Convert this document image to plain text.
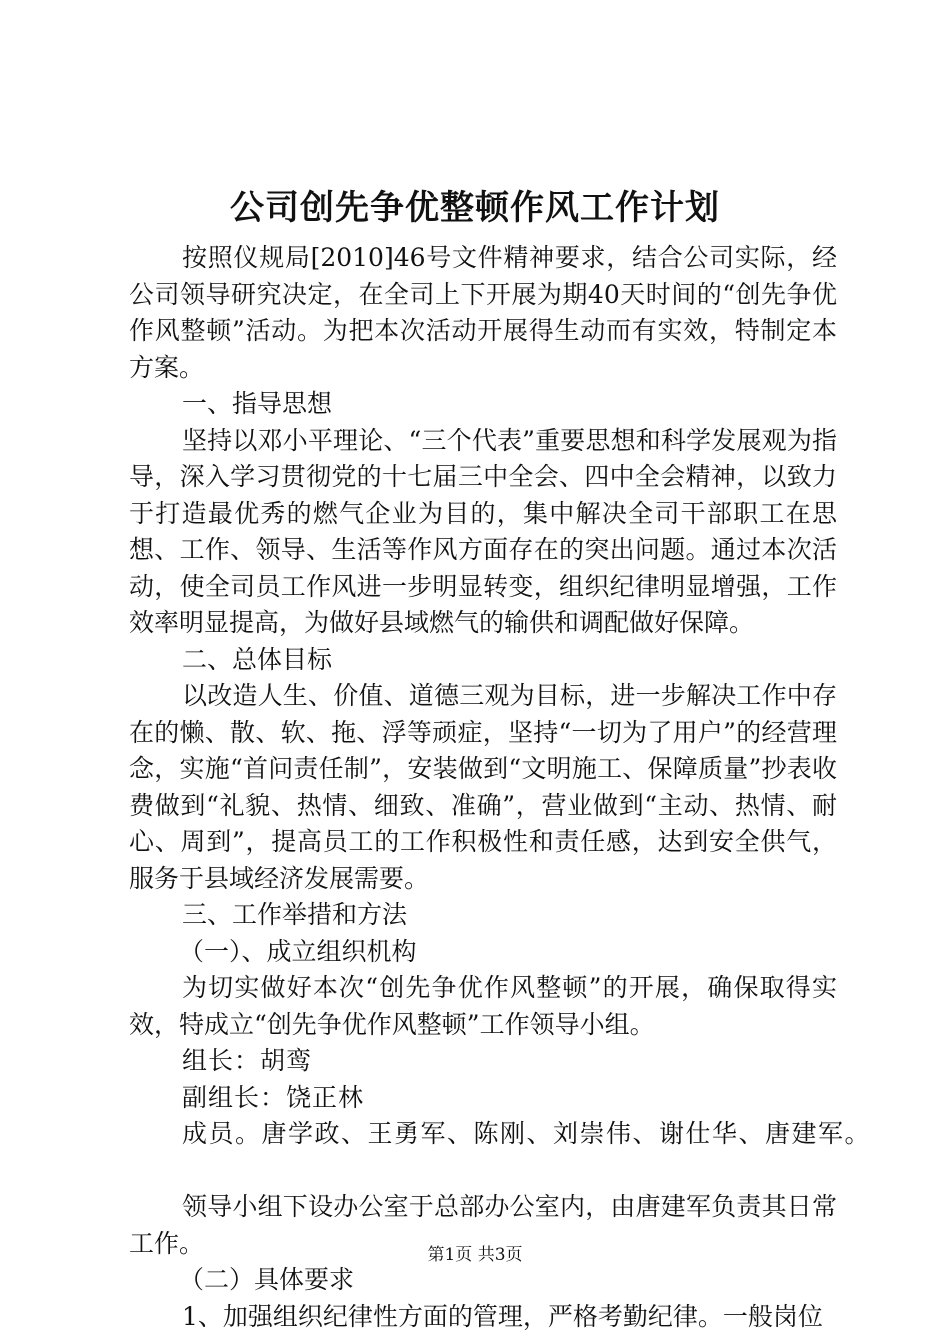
公司创先争优整顿作风工作计划

按照仪规局[2010]46号文件精神要求，结合公司实际，经公司领导研究决定，在全司上下开展为期40天时间的“创先争优作风整顿”活动。为把本次活动开展得生动而有实效，特制定本方案。

一、指导思想

坚持以邓小平理论、“三个代表”重要思想和科学发展观为指导，深入学习贯彻党的十七届三中全会、四中全会精神，以致力于打造最优秀的燃气企业为目的，集中解决全司干部职工在思想、工作、领导、生活等作风方面存在的突出问题。通过本次活动，使全司员工作风进一步明显转变，组织纪律明显增强，工作效率明显提高，为做好县域燃气的输供和调配做好保障。

二、总体目标

以改造人生、价值、道德三观为目标，进一步解决工作中存在的懒、散、软、拖、浮等顽症，坚持“一切为了用户”的经营理念，实施“首问责任制”，安装做到“文明施工、保障质量”抄表收费做到“礼貌、热情、细致、准确”，营业做到“主动、热情、耐心、周到”，提高员工的工作积极性和责任感，达到安全供气，服务于县域经济发展需要。

三、工作举措和方法

（一）、成立组织机构

为切实做好本次“创先争优作风整顿”的开展，确保取得实效，特成立“创先争优作风整顿”工作领导小组。

组长：胡鸾

副组长：饶正林

成员。唐学政、王勇军、陈刚、刘崇伟、谢仕华、唐建军。

领导小组下设办公室于总部办公室内，由唐建军负责其日常工作。

（二）具体要求

1、加强组织纪律性方面的管理，严格考勤纪律。一般岗位

第1页 共3页
